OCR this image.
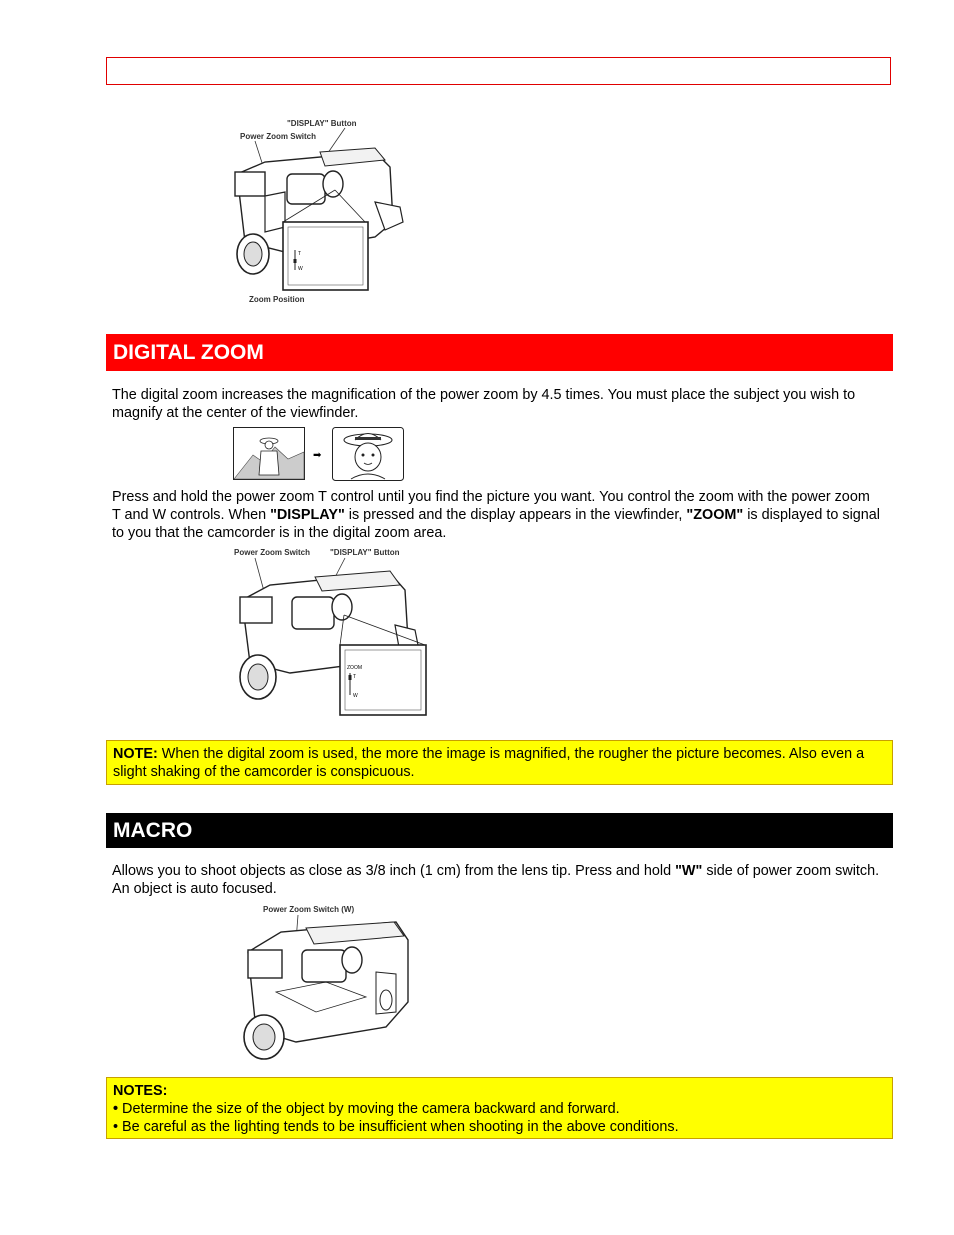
"DISPLAY" Button
Power Zoom Switch
T
W
Zoom Position
DIGITAL ZOOM
The digital zoom increases the magnification of the power zoom by 4.5 times. You must place the subject you wish to magnify at the center of the viewfinder.
➡
Press and hold the power zoom T control until you find the picture you want. You control the zoom with the power zoom T and W controls. When "DISPLAY" is pressed and the display appears in the viewfinder, "ZOOM" is displayed to signal to you that the camcorder is in the digital zoom area.
Power Zoom Switch "DISPLAY" Button
ZOOM
T
W
NOTE: When the digital zoom is used, the more the image is magnified, the rougher the picture becomes. Also even a slight shaking of the camcorder is conspicuous.
MACRO
Allows you to shoot objects as close as 3/8 inch (1 cm) from the lens tip. Press and hold "W" side of power zoom switch. An object is auto focused.
Power Zoom Switch (W)
NOTES:
• Determine the size of the object by moving the camera backward and forward.
• Be careful as the lighting tends to be insufficient when shooting in the above conditions.
